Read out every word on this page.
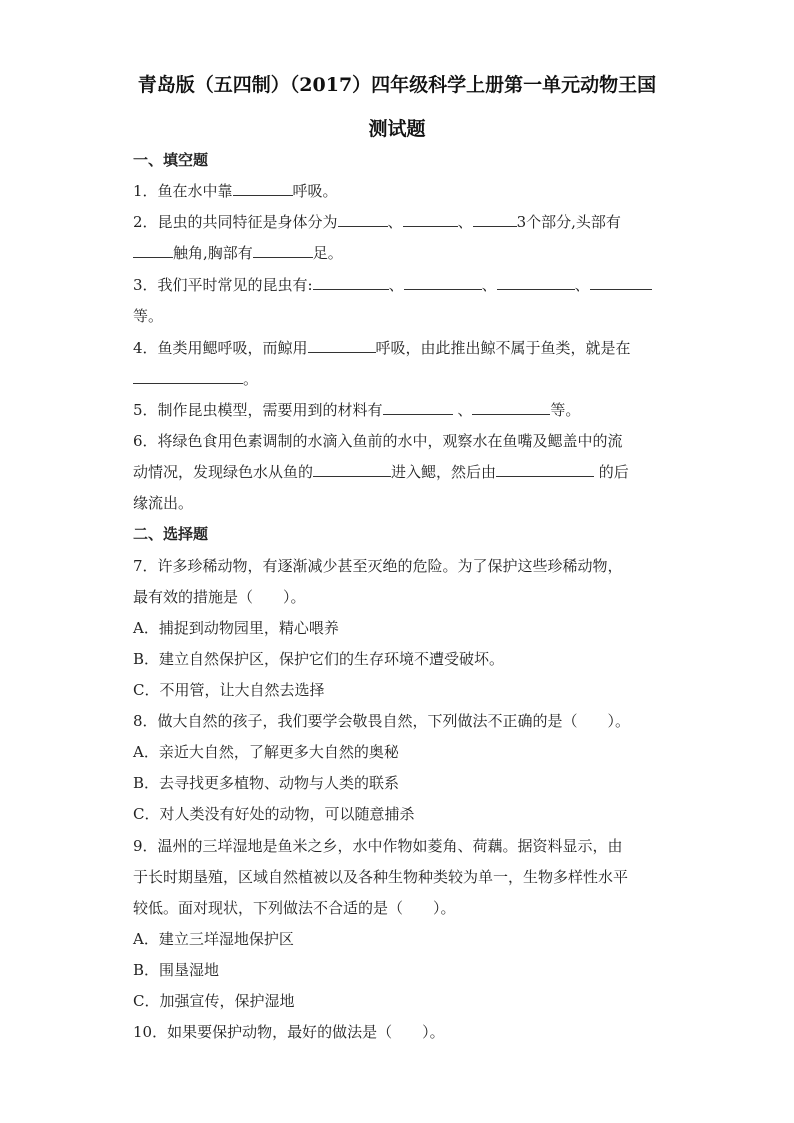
青岛版（五四制）（2017）四年级科学上册第一单元动物王国
测试题
一、填空题
1．鱼在水中靠	呼吸。
2．昆虫的共同特征是身体分为	、	、	3个部分,头部有
触角,胸部有	足。
3．我们平时常见的昆虫有:	、	、	、
等。
4．鱼类用鳃呼吸，而鲸用	呼吸，由此推出鲸不属于鱼类，就是在
。
5．制作昆虫模型，需要用到的材料有	、	等。
6．将绿色食用色素调制的水滴入鱼前的水中，观察水在鱼嘴及鳃盖中的流
动情况，发现绿色水从鱼的	进入鳃，然后由	的后
缘流出。
二、选择题
7．许多珍稀动物，有逐渐减少甚至灭绝的危险。为了保护这些珍稀动物，
最有效的措施是（　　）。
A．捕捉到动物园里，精心喂养
B．建立自然保护区，保护它们的生存环境不遭受破坏。
C．不用管，让大自然去选择
8．做大自然的孩子，我们要学会敬畏自然，下列做法不正确的是（　　）。
A．亲近大自然，了解更多大自然的奥秘
B．去寻找更多植物、动物与人类的联系
C．对人类没有好处的动物，可以随意捕杀
9．温州的三垟湿地是鱼米之乡，水中作物如菱角、荷藕。据资料显示，由
于长时期垦殖，区域自然植被以及各种生物种类较为单一，生物多样性水平
较低。面对现状，下列做法不合适的是（　　）。
A．建立三垟湿地保护区
B．围垦湿地
C．加强宣传，保护湿地
10．如果要保护动物，最好的做法是（　　）。
